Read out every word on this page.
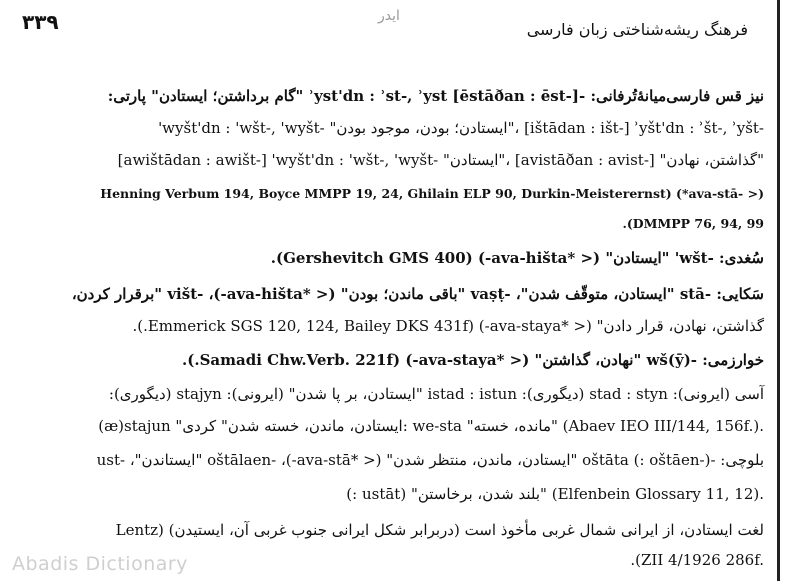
۳۳۹	ایدر
فرهنگ ریشه‌شناختی زبان فارسی
نیز قس فارسی‌میانهٔ‌تُرفانی: -ʾyst'dn : ʾst-, ʾyst [ēstāðan : ēst-] "گام برداشتن؛ ایستادن" پارتی:
'wyšt'dn : 'wšt-, 'wyšt- "ایستادن؛ بودن، موجود بودن"، [ištādan : išt-] ʾyšt'dn : ʾšt-, ʾyšt-
[awištādan : awišt-] 'wyšt'dn : 'wšt-, 'wyšt- "ایستادن"، [avistāðan : avist-] "گذاشتن، نهادن"
Henning Verbum 194, Boyce MMPP 19, 24, Ghilain ELP 90, Durkin-Meisterernst) (*ava-stā- >)
.(DMMPP 76, 94, 99
سُغدی: -wšt' "ایستادن" (< *ava-hišta-) (Gershevitch GMS 400).
سَکایی: -stā "ایستادن، متوقّف شدن"، -vaṣṭ "باقی ماندن؛ بودن" (< *ava-hišta-)، -višt "برقرار کردن،
گذاشتن، نهادن، قرار دادن" (< *ava-staya-) (Emmerick SGS 120, 124, Bailey DKS 431f.).
خوارزمی: -(ȳ)wš "نهادن، گذاشتن" (< *ava-staya-) (Samadi Chw.Verb. 221f.).
آسی (ایرونی): stad : styn (دیگوری): istad : istun "ایستادن، بر پا شدن" (ایرونی): stajyn (دیگوری):
(æ)stajun "ایستادن، ماندن، خسته شدن" کردی: we-sta "مانده، خسته" (Abaev IEO III/144, 156f.).
بلوچی: -oštāta (: oštāen-) "ایستادن، ماندن، منتظر شدن" (< *ava-stā-)، -oštālaen "ایستاندن"، -ust
(: ustāt) "بلند شدن، برخاستن" (Elfenbein Glossary 11, 12).
لغت ایستادن، از ایرانی شمال غربی مأخوذ است (دربرابر شکل ایرانی جنوب غربی آن، ایستیدن) (Lentz
.(ZII 4/1926 286f.
Abadis Dictionary
